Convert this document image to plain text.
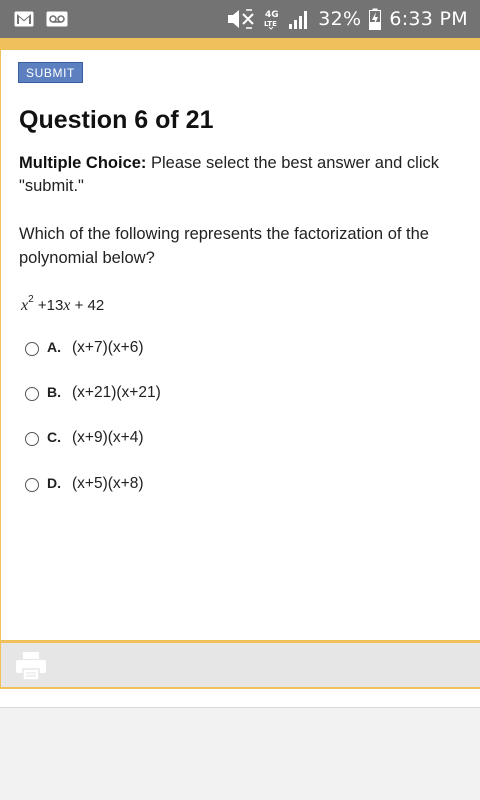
4G
LTE 32% 6:33 PM
SUBMIT
Question 6 of 21
Multiple Choice: Please select the best answer and click "submit."
Which of the following represents the factorization of the polynomial below?
$x^2 +13x + 42$
A. (x+7)(x+6)
B. (x+21)(x+21)
C. (x+9)(x+4)
D. (x+5)(x+8)
